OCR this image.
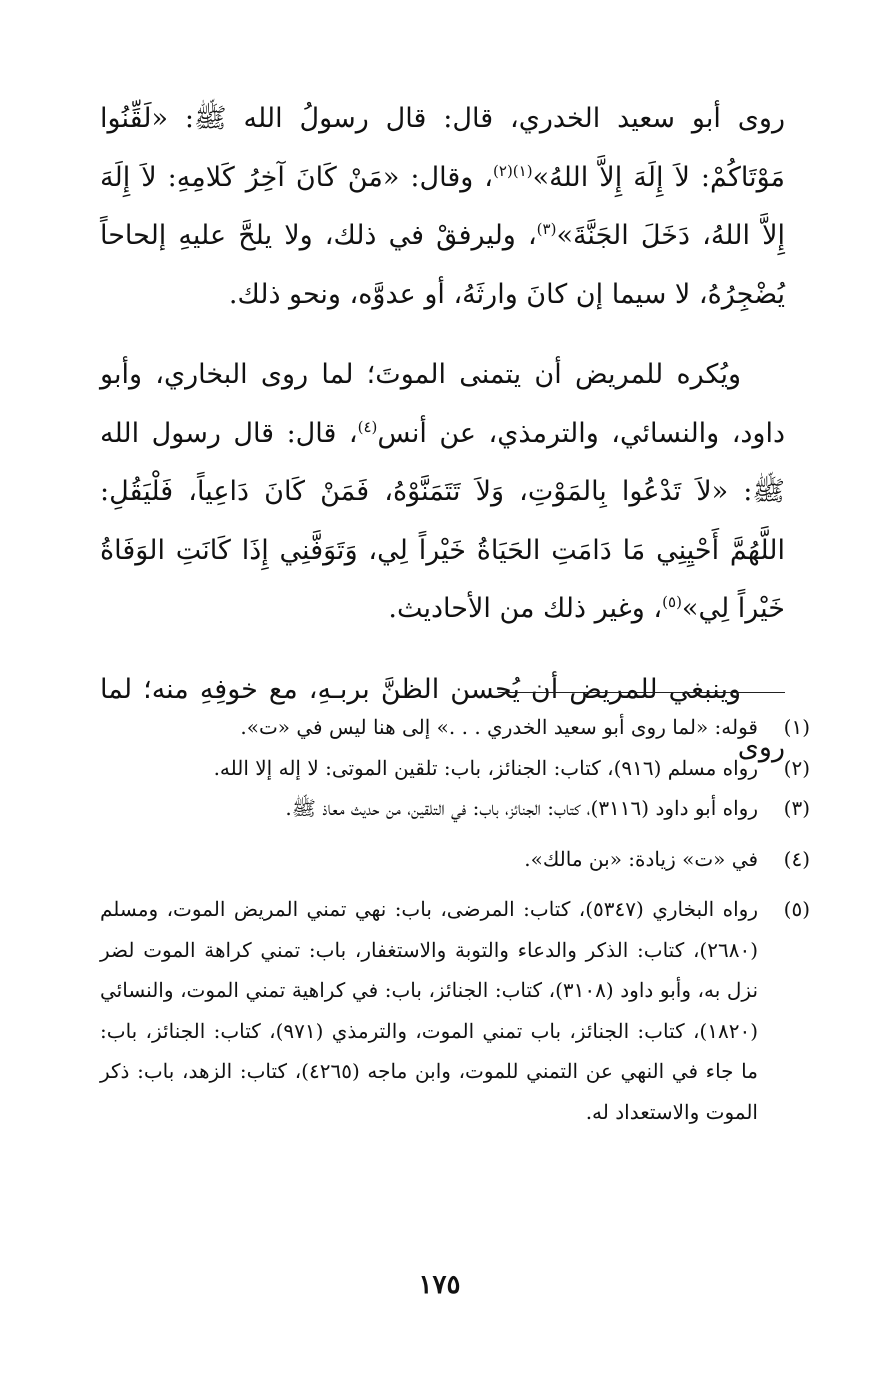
روى أبو سعيد الخدري، قال: قال رسولُ الله ﷺ: «لَقِّنُوا مَوْتَاكُمْ: لاَ إِلَهَ إِلاَّ اللهُ»$^{(١)(٢)}$، وقال: «مَنْ كَانَ آخِرُ كَلامِهِ: لاَ إِلَهَ إِلاَّ اللهُ، دَخَلَ الجَنَّةَ»$^{(٣)}$، وليرفقْ في ذلك، ولا يلحَّ عليهِ إلحاحاً يُضْجِرُهُ، لا سيما إن كانَ وارثَهُ، أو عدوَّه، ونحو ذلك.

ويُكره للمريض أن يتمنى الموتَ؛ لما روى البخاري، وأبو داود، والنسائي، والترمذي، عن أنس$^{(٤)}$، قال: قال رسول الله ﷺ: «لاَ تَدْعُوا بِالمَوْتِ، وَلاَ تَتَمَنَّوْهُ، فَمَنْ كَانَ دَاعِياً، فَلْيَقُلِ: اللَّهُمَّ أَحْيِنِي مَا دَامَتِ الحَيَاةُ خَيْراً لِي، وَتَوَفَّنِي إِذَا كَانَتِ الوَفَاةُ خَيْراً لِي»$^{(٥)}$، وغير ذلك من الأحاديث.

وينبغي للمريض أن يُحسن الظنَّ بربـهِ، مع خوفِهِ منه؛ لما روى

(١)
قوله: «لما روى أبو سعيد الخدري . . .» إلى هنا ليس في «ت».
(٢)
رواه مسلم (٩١٦)، كتاب: الجنائز، باب: تلقين الموتى: لا إله إلا الله.
(٣)
رواه أبو داود (٣١١٦)، كتاب: الجنائز، باب: في التلقين، من حديث معاذ ﷺ.
(٤)
في «ت» زيادة: «بن مالك».
(٥)
رواه البخاري (٥٣٤٧)، كتاب: المرضى، باب: نهي تمني المريض الموت، ومسلم (٢٦٨٠)، كتاب: الذكر والدعاء والتوبة والاستغفار، باب: تمني كراهة الموت لضر نزل به، وأبو داود (٣١٠٨)، كتاب: الجنائز، باب: في كراهية تمني الموت، والنسائي (١٨٢٠)، كتاب: الجنائز، باب تمني الموت، والترمذي (٩٧١)، كتاب: الجنائز، باب: ما جاء في النهي عن التمني للموت، وابن ماجه (٤٢٦٥)، كتاب: الزهد، باب: ذكر الموت والاستعداد له.
١٧٥
